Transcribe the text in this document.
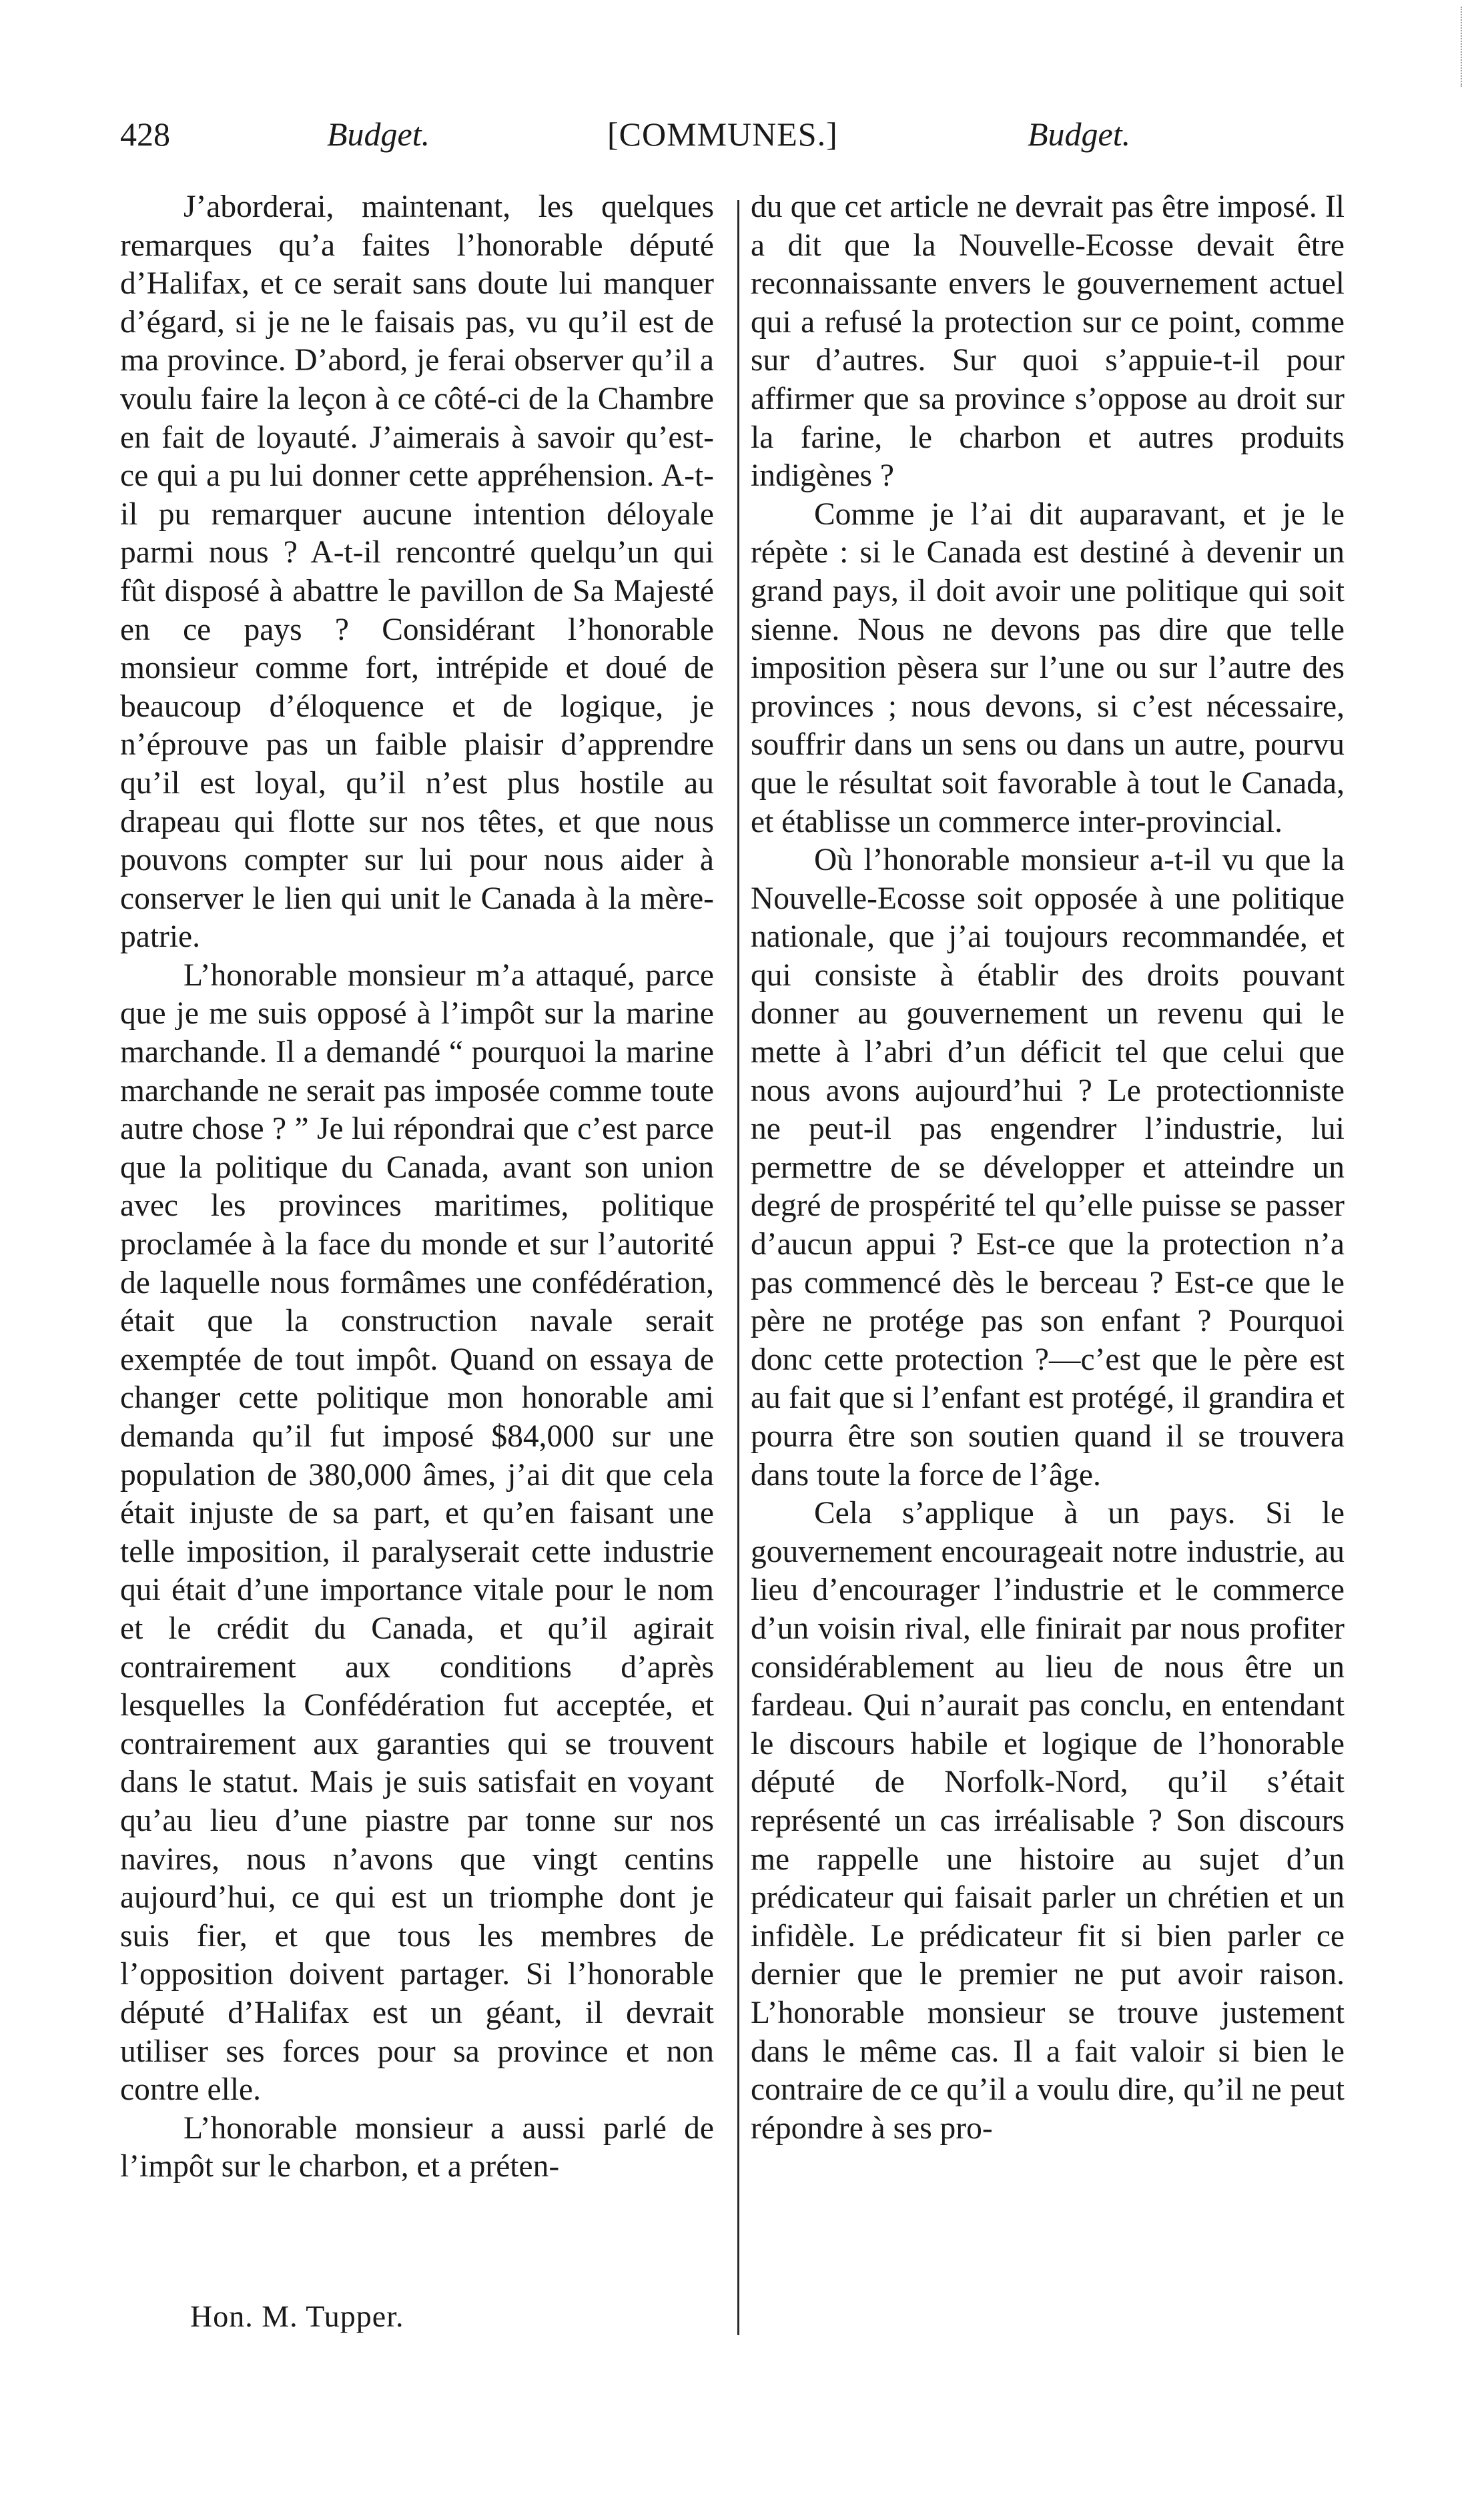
428	Budget.	[COMMUNES.]	Budget.

J’aborderai, maintenant, les quelques remarques qu’a faites l’honorable député d’Halifax, et ce serait sans doute lui manquer d’égard, si je ne le faisais pas, vu qu’il est de ma province. D’abord, je ferai observer qu’il a voulu faire la leçon à ce côté-ci de la Chambre en fait de loyauté. J’aimerais à savoir qu’est-ce qui a pu lui donner cette appréhension. A-t-il pu remarquer aucune intention déloyale parmi nous ? A-t-il rencontré quelqu’un qui fût disposé à abattre le pavillon de Sa Majesté en ce pays ? Considérant l’honorable monsieur comme fort, intrépide et doué de beaucoup d’éloquence et de logique, je n’éprouve pas un faible plaisir d’apprendre qu’il est loyal, qu’il n’est plus hostile au drapeau qui flotte sur nos têtes, et que nous pouvons compter sur lui pour nous aider à conserver le lien qui unit le Canada à la mère-patrie.

L’honorable monsieur m’a attaqué, parce que je me suis opposé à l’impôt sur la marine marchande. Il a demandé “ pourquoi la marine marchande ne serait pas imposée comme toute autre chose ? ” Je lui répondrai que c’est parce que la politique du Canada, avant son union avec les provinces maritimes, politique proclamée à la face du monde et sur l’autorité de laquelle nous formâmes une confédération, était que la construction navale serait exemptée de tout impôt. Quand on essaya de changer cette politique mon honorable ami demanda qu’il fut imposé $84,000 sur une population de 380,000 âmes, j’ai dit que cela était injuste de sa part, et qu’en faisant une telle imposition, il paralyserait cette industrie qui était d’une importance vitale pour le nom et le crédit du Canada, et qu’il agirait contrairement aux conditions d’après lesquelles la Confédération fut acceptée, et contrairement aux garanties qui se trouvent dans le statut. Mais je suis satisfait en voyant qu’au lieu d’une piastre par tonne sur nos navires, nous n’avons que vingt centins aujourd’hui, ce qui est un triomphe dont je suis fier, et que tous les membres de l’opposition doivent partager. Si l’honorable député d’Halifax est un géant, il devrait utiliser ses forces pour sa province et non contre elle.

L’honorable monsieur a aussi parlé de l’impôt sur le charbon, et a préten-

du que cet article ne devrait pas être imposé. Il a dit que la Nouvelle-Ecosse devait être reconnaissante envers le gouvernement actuel qui a refusé la protection sur ce point, comme sur d’autres. Sur quoi s’appuie-t-il pour affirmer que sa province s’oppose au droit sur la farine, le charbon et autres produits indigènes ?

Comme je l’ai dit auparavant, et je le répète : si le Canada est destiné à devenir un grand pays, il doit avoir une politique qui soit sienne. Nous ne devons pas dire que telle imposition pèsera sur l’une ou sur l’autre des provinces ; nous devons, si c’est nécessaire, souffrir dans un sens ou dans un autre, pourvu que le résultat soit favorable à tout le Canada, et établisse un commerce inter-provincial.

Où l’honorable monsieur a-t-il vu que la Nouvelle-Ecosse soit opposée à une politique nationale, que j’ai toujours recommandée, et qui consiste à établir des droits pouvant donner au gouvernement un revenu qui le mette à l’abri d’un déficit tel que celui que nous avons aujourd’hui ? Le protectionniste ne peut-il pas engendrer l’industrie, lui permettre de se développer et atteindre un degré de prospérité tel qu’elle puisse se passer d’aucun appui ? Est-ce que la protection n’a pas commencé dès le berceau ? Est-ce que le père ne protége pas son enfant ? Pourquoi donc cette protection ?—c’est que le père est au fait que si l’enfant est protégé, il grandira et pourra être son soutien quand il se trouvera dans toute la force de l’âge.

Cela s’applique à un pays. Si le gouvernement encourageait notre industrie, au lieu d’encourager l’industrie et le commerce d’un voisin rival, elle finirait par nous profiter considérablement au lieu de nous être un fardeau. Qui n’aurait pas conclu, en entendant le discours habile et logique de l’honorable député de Norfolk-Nord, qu’il s’était représenté un cas irréalisable ? Son discours me rappelle une histoire au sujet d’un prédicateur qui faisait parler un chrétien et un infidèle. Le prédicateur fit si bien parler ce dernier que le premier ne put avoir raison. L’honorable monsieur se trouve justement dans le même cas. Il a fait valoir si bien le contraire de ce qu’il a voulu dire, qu’il ne peut répondre à ses pro-

Hon. M. Tupper.
